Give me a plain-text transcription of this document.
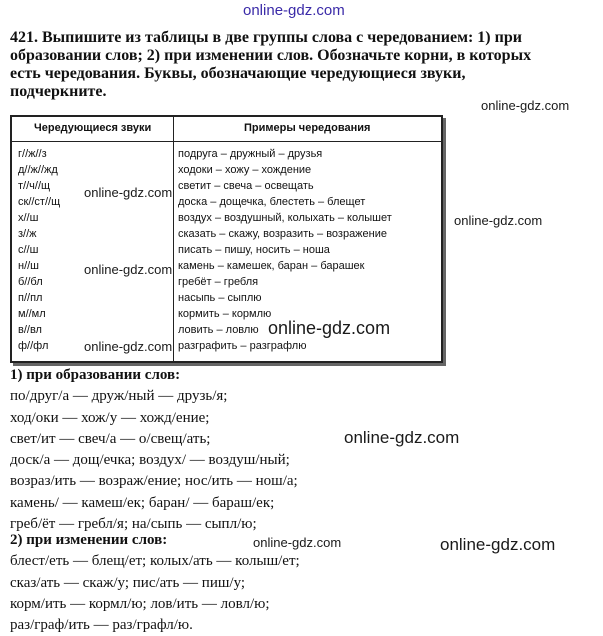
online-gdz.com
online-gdz.com
online-gdz.com
online-gdz.com
online-gdz.com
online-gdz.com
online-gdz.com
online-gdz.com
online-gdz.com	online-gdz.com
421. Выпишите из таблицы в две группы слова с чередованием: 1) при
образовании слов; 2) при изменении слов. Обозначьте корни, в которых
есть чередования. Буквы, обозначающие чередующиеся звуки,
подчеркните.
Чередующиеся звуки	Примеры чередования
г//ж//з	подруга – дружный – друзья
д//ж//жд	ходоки – хожу – хождение
т//ч//щ	светит – свеча – освещать
ск//ст//щ	доска – дощечка, блестеть – блещет
х//ш	воздух – воздушный, колыхать – колышет
з//ж	сказать – скажу, возразить – возражение
с//ш	писать – пишу, носить – ноша
н//ш	камень – камешек, баран – барашек
б//бл	гребёт – гребля
п//пл	насыпь – сыплю
м//мл	кормить – кормлю
в//вл	ловить – ловлю
ф//фл	разграфить – разграфлю
1) при образовании слов:
по/друг/а — друж/ный — друзь/я;
ход/оки — хож/у — хожд/ение;
свет/ит — свеч/а — о/свещ/ать;
доск/а — дощ/ечка; воздух/ — воздуш/ный;
возраз/ить — возраж/ение; нос/ить — нош/а;
камень/ — камеш/ек; баран/ — бараш/ек;
греб/ёт — гребл/я; на/сыпь — сыпл/ю;
2) при изменении слов:
блест/еть — блещ/ет; колых/ать — колыш/ет;
сказ/ать — скаж/у; пис/ать — пиш/у;
корм/ить — кормл/ю; лов/ить — ловл/ю;
раз/граф/ить — раз/графл/ю.
